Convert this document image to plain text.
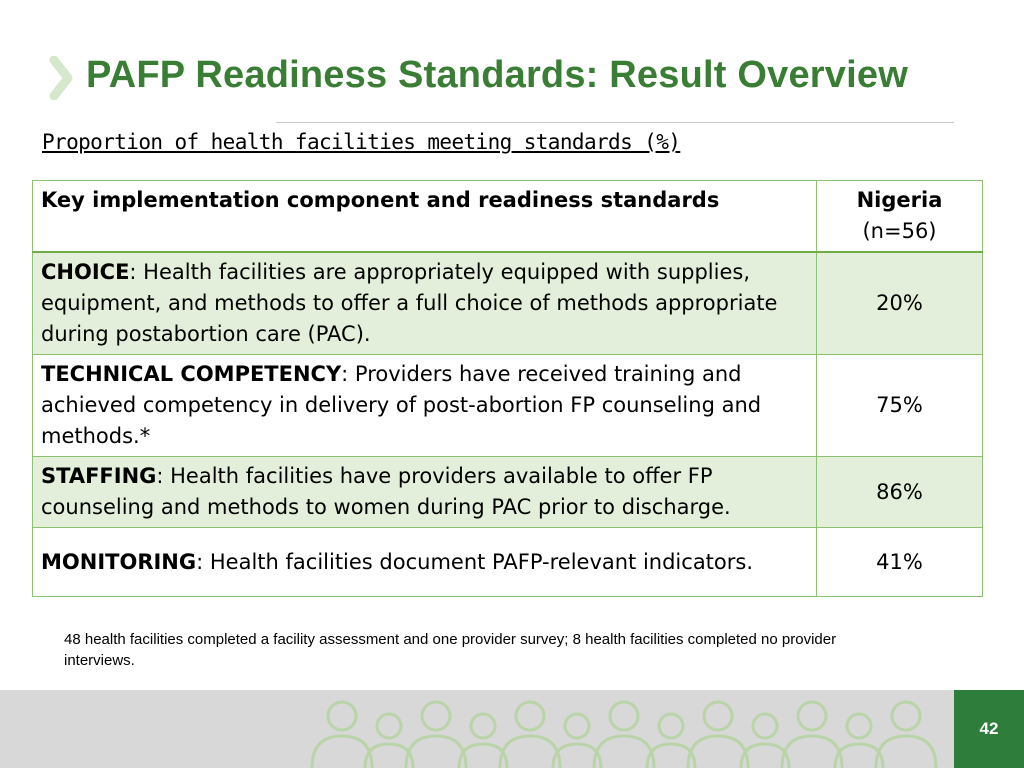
PAFP Readiness Standards: Result Overview
Proportion of health facilities meeting standards (%)
Key implementation component and readiness standards	Nigeria
(n=56)
CHOICE: Health facilities are appropriately equipped with supplies, equipment, and methods to offer a full choice of methods appropriate during postabortion care (PAC).	20%
TECHNICAL COMPETENCY: Providers have received training and achieved competency in delivery of post-abortion FP counseling and methods.*	75%
STAFFING: Health facilities have providers available to offer FP counseling and methods to women during PAC prior to discharge.	86%
MONITORING: Health facilities document PAFP-relevant indicators.	41%
48 health facilities completed a facility assessment and one provider survey; 8 health facilities completed no provider interviews.
42
